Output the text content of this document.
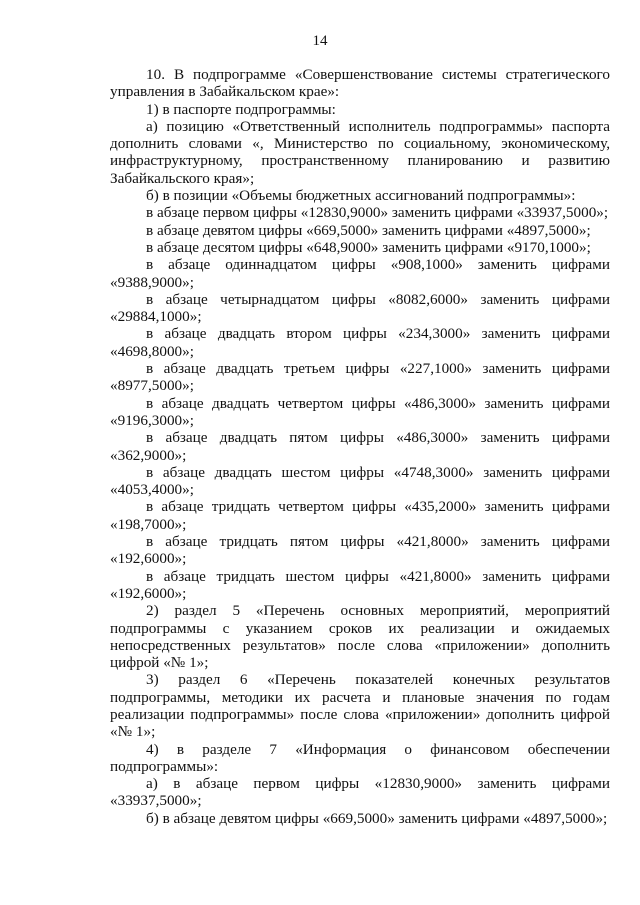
14

10. В подпрограмме «Совершенствование системы стратегического управления в Забайкальском крае»:

1) в паспорте подпрограммы:

а) позицию «Ответственный исполнитель подпрограммы» паспорта дополнить словами «, Министерство по социальному, экономическому, инфраструктурному, пространственному планированию и развитию Забайкальского края»;

б) в позиции «Объемы бюджетных ассигнований подпрограммы»:

в абзаце первом цифры «12830,9000» заменить цифрами «33937,5000»;

в абзаце девятом цифры «669,5000» заменить цифрами «4897,5000»;

в абзаце десятом цифры «648,9000» заменить цифрами «9170,1000»;

в абзаце одиннадцатом цифры «908,1000» заменить цифрами «9388,9000»;

в абзаце четырнадцатом цифры «8082,6000» заменить цифрами «29884,1000»;

в абзаце двадцать втором цифры «234,3000» заменить цифрами «4698,8000»;

в абзаце двадцать третьем цифры «227,1000» заменить цифрами «8977,5000»;

в абзаце двадцать четвертом цифры «486,3000» заменить цифрами «9196,3000»;

в абзаце двадцать пятом цифры «486,3000» заменить цифрами «362,9000»;

в абзаце двадцать шестом цифры «4748,3000» заменить цифрами «4053,4000»;

в абзаце тридцать четвертом цифры «435,2000» заменить цифрами «198,7000»;

в абзаце тридцать пятом цифры «421,8000» заменить цифрами «192,6000»;

в абзаце тридцать шестом цифры «421,8000» заменить цифрами «192,6000»;

2) раздел 5 «Перечень основных мероприятий, мероприятий подпрограммы с указанием сроков их реализации и ожидаемых непосредственных результатов» после слова «приложении» дополнить цифрой «№ 1»;

3) раздел 6 «Перечень показателей конечных результатов подпрограммы, методики их расчета и плановые значения по годам реализации подпрограммы» после слова «приложении» дополнить цифрой «№ 1»;

4) в разделе 7 «Информация о финансовом обеспечении подпрограммы»:

а) в абзаце первом цифры «12830,9000» заменить цифрами «33937,5000»;

б) в абзаце девятом цифры «669,5000» заменить цифрами «4897,5000»;
